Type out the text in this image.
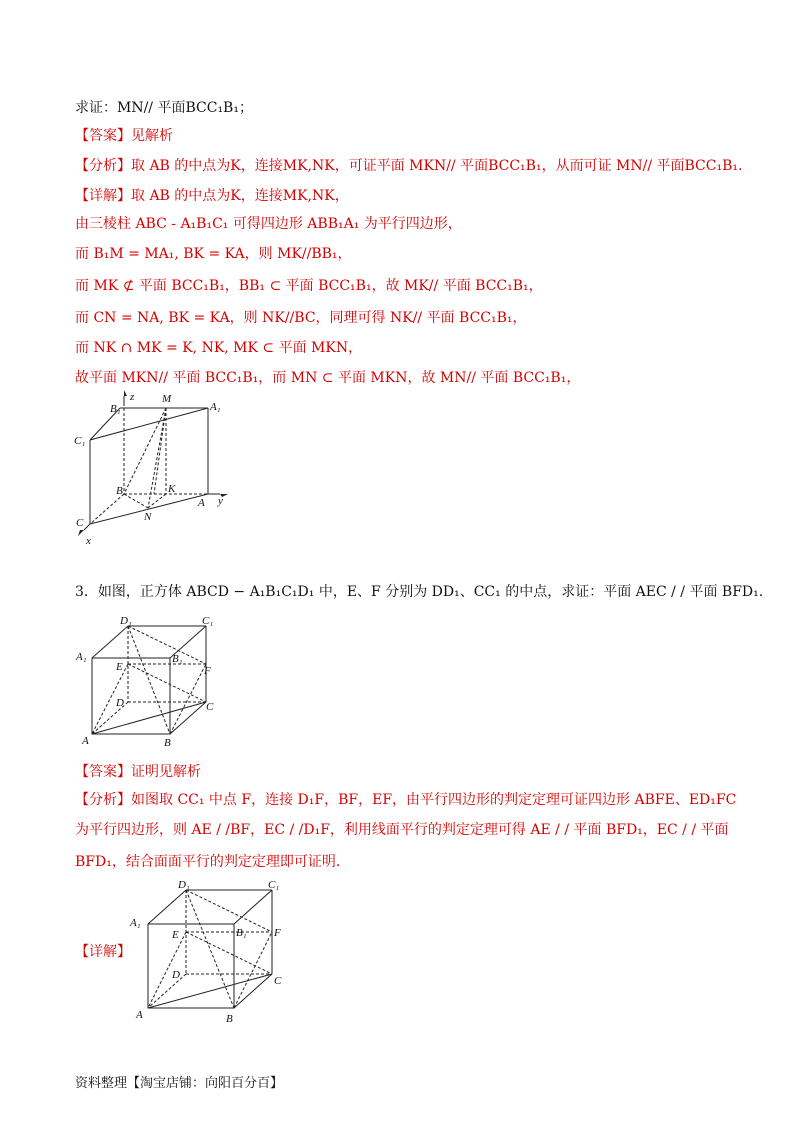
求证：MN// 平面BCC₁B₁；
【答案】见解析
【分析】取 AB 的中点为K，连接MK,NK，可证平面 MKN// 平面BCC₁B₁，从而可证 MN// 平面BCC₁B₁.
【详解】取 AB 的中点为K，连接MK,NK，
由三棱柱 ABC - A₁B₁C₁ 可得四边形 ABB₁A₁ 为平行四边形，
而 B₁M = MA₁, BK = KA，则 MK//BB₁，
而 MK ⊄ 平面 BCC₁B₁，BB₁ ⊂ 平面 BCC₁B₁，故 MK// 平面 BCC₁B₁，
而 CN = NA, BK = KA，则 NK//BC，同理可得 NK// 平面 BCC₁B₁，
而 NK ∩ MK = K, NK, MK ⊂ 平面 MKN，
故平面 MKN// 平面 BCC₁B₁，而 MN ⊂ 平面 MKN，故 MN// 平面 BCC₁B₁，
B₁
z	M
A₁
C₁
B	K
A y
N
C
x
3．如图，正方体 ABCD − A₁B₁C₁D₁ 中，E、F 分别为 DD₁、CC₁ 的中点，求证：平面 AEC / / 平面 BFD₁.
D₁	C₁
A₁	B₁
E	F
D	C
A	B
【答案】证明见解析
【分析】如图取 CC₁ 中点 F，连接 D₁F，BF，EF，由平行四边形的判定定理可证四边形 ABFE、ED₁FC
为平行四边形，则 AE / /BF，EC / /D₁F，利用线面平行的判定定理可得 AE / / 平面 BFD₁，EC / / 平面
BFD₁，结合面面平行的判定定理即可证明.
【详解】
D₁	C₁
A₁
B₁
E	F
D	C
A	B
资料整理【淘宝店铺：向阳百分百】
